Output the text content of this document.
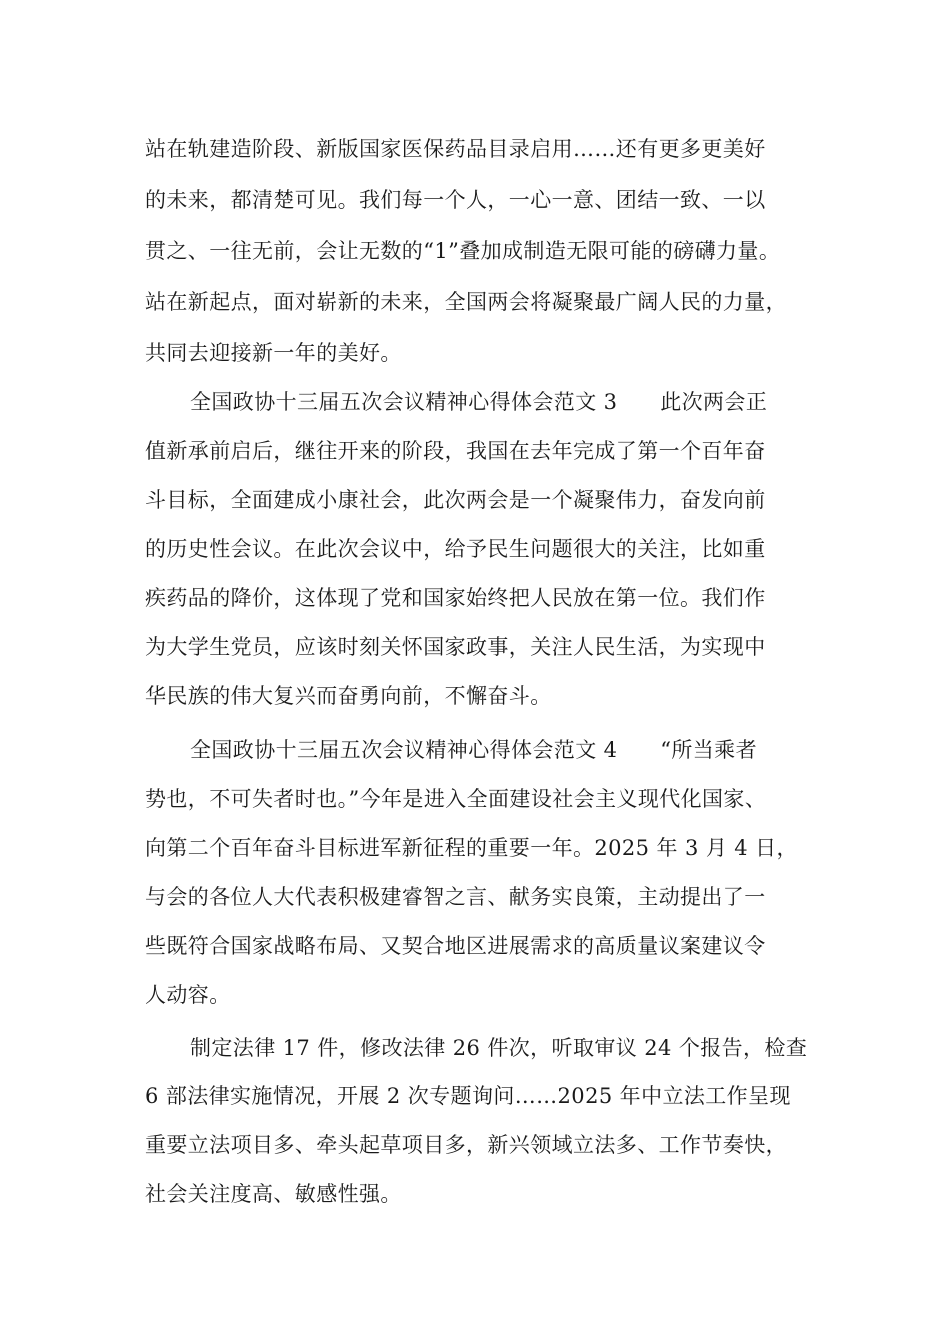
站在轨建造阶段、新版国家医保药品目录启用……还有更多更美好
的未来，都清楚可见。我们每一个人，一心一意、团结一致、一以
贯之、一往无前，会让无数的“1”叠加成制造无限可能的磅礴力量。
站在新起点，面对崭新的未来，全国两会将凝聚最广阔人民的力量，
共同去迎接新一年的美好。
全国政协十三届五次会议精神心得体会范文 3　　此次两会正
值新承前启后，继往开来的阶段，我国在去年完成了第一个百年奋
斗目标，全面建成小康社会，此次两会是一个凝聚伟力，奋发向前
的历史性会议。在此次会议中，给予民生问题很大的关注，比如重
疾药品的降价，这体现了党和国家始终把人民放在第一位。我们作
为大学生党员，应该时刻关怀国家政事，关注人民生活，为实现中
华民族的伟大复兴而奋勇向前，不懈奋斗。
全国政协十三届五次会议精神心得体会范文 4　　“所当乘者
势也，不可失者时也。”今年是进入全面建设社会主义现代化国家、
向第二个百年奋斗目标进军新征程的重要一年。2025 年 3 月 4 日，
与会的各位人大代表积极建睿智之言、献务实良策，主动提出了一
些既符合国家战略布局、又契合地区进展需求的高质量议案建议令
人动容。
制定法律 17 件，修改法律 26 件次，听取审议 24 个报告，检查
6 部法律实施情况，开展 2 次专题询问……2025 年中立法工作呈现
重要立法项目多、牵头起草项目多，新兴领域立法多、工作节奏快，
社会关注度高、敏感性强。
